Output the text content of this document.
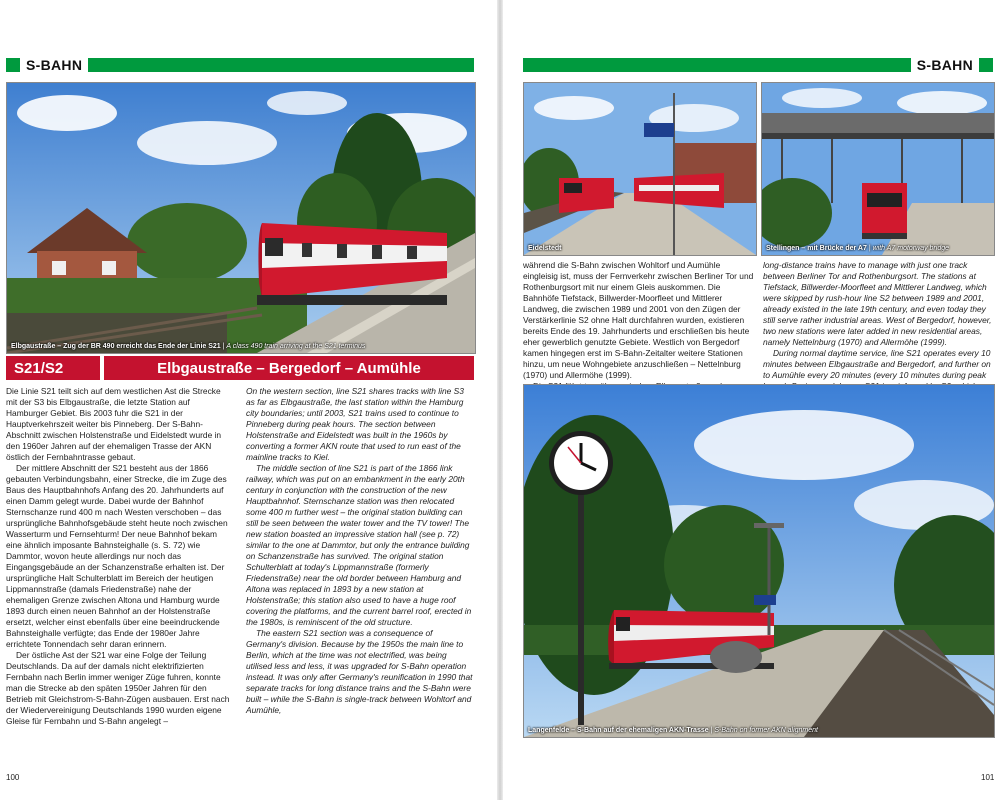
S-BAHN
Elbgaustraße – Zug der BR 490 erreicht das Ende der Linie S21 | A class 490 train arriving at the S21 terminus
S21/S2	Elbgaustraße – Bergedorf – Aumühle

Die Linie S21 teilt sich auf dem westlichen Ast die Strecke mit der S3 bis Elbgaustraße, die letzte Station auf Hamburger Gebiet. Bis 2003 fuhr die S21 in der Hauptverkehrszeit weiter bis Pinneberg. Der S-Bahn-Abschnitt zwischen Holstenstraße und Eidelstedt wurde in den 1960er Jahren auf der ehemaligen Trasse der AKN östlich der Fernbahntrasse gebaut.

Der mittlere Abschnitt der S21 besteht aus der 1866 gebauten Verbindungsbahn, einer Strecke, die im Zuge des Baus des Hauptbahnhofs Anfang des 20. Jahrhunderts auf einen Damm gelegt wurde. Dabei wurde der Bahnhof Sternschanze rund 400 m nach Westen verschoben – das ursprüngliche Bahnhofsgebäude steht heute noch zwischen Wasserturm und Fernsehturm! Der neue Bahnhof bekam eine ähnlich imposante Bahnsteighalle (s. S. 72) wie Dammtor, wovon heute allerdings nur noch das Eingangsgebäude an der Schanzenstraße erhalten ist. Der ursprüngliche Halt Schulterblatt im Bereich der heutigen Lippmannstraße (damals Friedenstraße) nahe der ehemaligen Grenze zwischen Altona und Hamburg wurde 1893 durch einen neuen Bahnhof an der Holstenstraße ersetzt, welcher einst ebenfalls über eine beeindruckende Bahnsteighalle verfügte; das Ende der 1980er Jahre errichtete Tonnendach sehr daran erinnern.

Der östliche Ast der S21 war eine Folge der Teilung Deutschlands. Da auf der damals nicht elektrifizierten Fernbahn nach Berlin immer weniger Züge fuhren, konnte man die Strecke ab den späten 1950er Jahren für den Betrieb mit Gleichstrom-S-Bahn-Zügen ausbauen. Erst nach der Wiedervereinigung Deutschlands 1990 wurden eigene Gleise für Fernbahn und S-Bahn angelegt –

On the western section, line S21 shares tracks with line S3 as far as Elbgaustraße, the last station within the Hamburg city boundaries; until 2003, S21 trains used to continue to Pinneberg during peak hours. The section between Holstenstraße and Eidelstedt was built in the 1960s by converting a former AKN route that used to run east of the mainline tracks to Kiel.

The middle section of line S21 is part of the 1866 link railway, which was put on an embankment in the early 20th century in conjunction with the construction of the new Hauptbahnhof. Sternschanze station was then relocated some 400 m further west – the original station building can still be seen between the water tower and the TV tower! The new station boasted an impressive station hall (see p. 72) similar to the one at Dammtor, but only the entrance building on Schanzenstraße has survived. The original station Schulterblatt at today's Lippmannstraße (formerly Friedenstraße) near the old border between Hamburg and Altona was replaced in 1893 by a new station at Holstenstraße; this station also used to have a huge roof covering the platforms, and the current barrel roof, erected in the 1980s, is reminiscent of the old structure.

The eastern S21 section was a consequence of Germany's division. Because by the 1950s the main line to Berlin, which at the time was not electrified, was being utilised less and less, it was upgraded for S-Bahn operation instead. It was only after Germany's reunification in 1990 that separate tracks for long distance trains and the S-Bahn were built – while the S-Bahn is single-track between Wohltorf and Aumühle,

100
S-BAHN
Eidelstedt	Stellingen – mit Brücke der A7 | with A7 motorway bridge

während die S-Bahn zwischen Wohltorf und Aumühle eingleisig ist, muss der Fernverkehr zwischen Berliner Tor und Rothenburgsort mit nur einem Gleis auskommen. Die Bahnhöfe Tiefstack, Billwerder-Moorfleet und Mittlerer Landweg, die zwischen 1989 und 2001 von den Zügen der Verstärkerlinie S2 ohne Halt durchfahren wurden, existieren bereits Ende des 19. Jahrhunderts und erschließen bis heute eher gewerblich genutzte Gebiete. Westlich von Bergedorf kamen hingegen erst im S-Bahn-Zeitalter weitere Stationen hinzu, um neue Wohngebiete anzuschließen – Nettelnburg (1970) und Allermöhe (1999).

long-distance trains have to manage with just one track between Berliner Tor and Rothenburgsort. The stations at Tiefstack, Billwerder-Moorfleet and Mittlerer Landweg, which were skipped by rush-hour line S2 between 1989 and 2001, already existed in the late 19th century, and even today they still serve rather industrial areas. West of Bergedorf, however, two new stations were later added in new residential areas, namely Nettelnburg (1970) and Allermöhe (1999).

During normal daytime service, line S21 operates every 10 minutes between Elbgaustraße and Bergedorf, and further on to Aumühle every 20 minutes (every 10 minutes during peak

Langenfelde – S-Bahn auf der ehemaligen AKN-Trasse | S-Bahn on former AKN alignment
101
